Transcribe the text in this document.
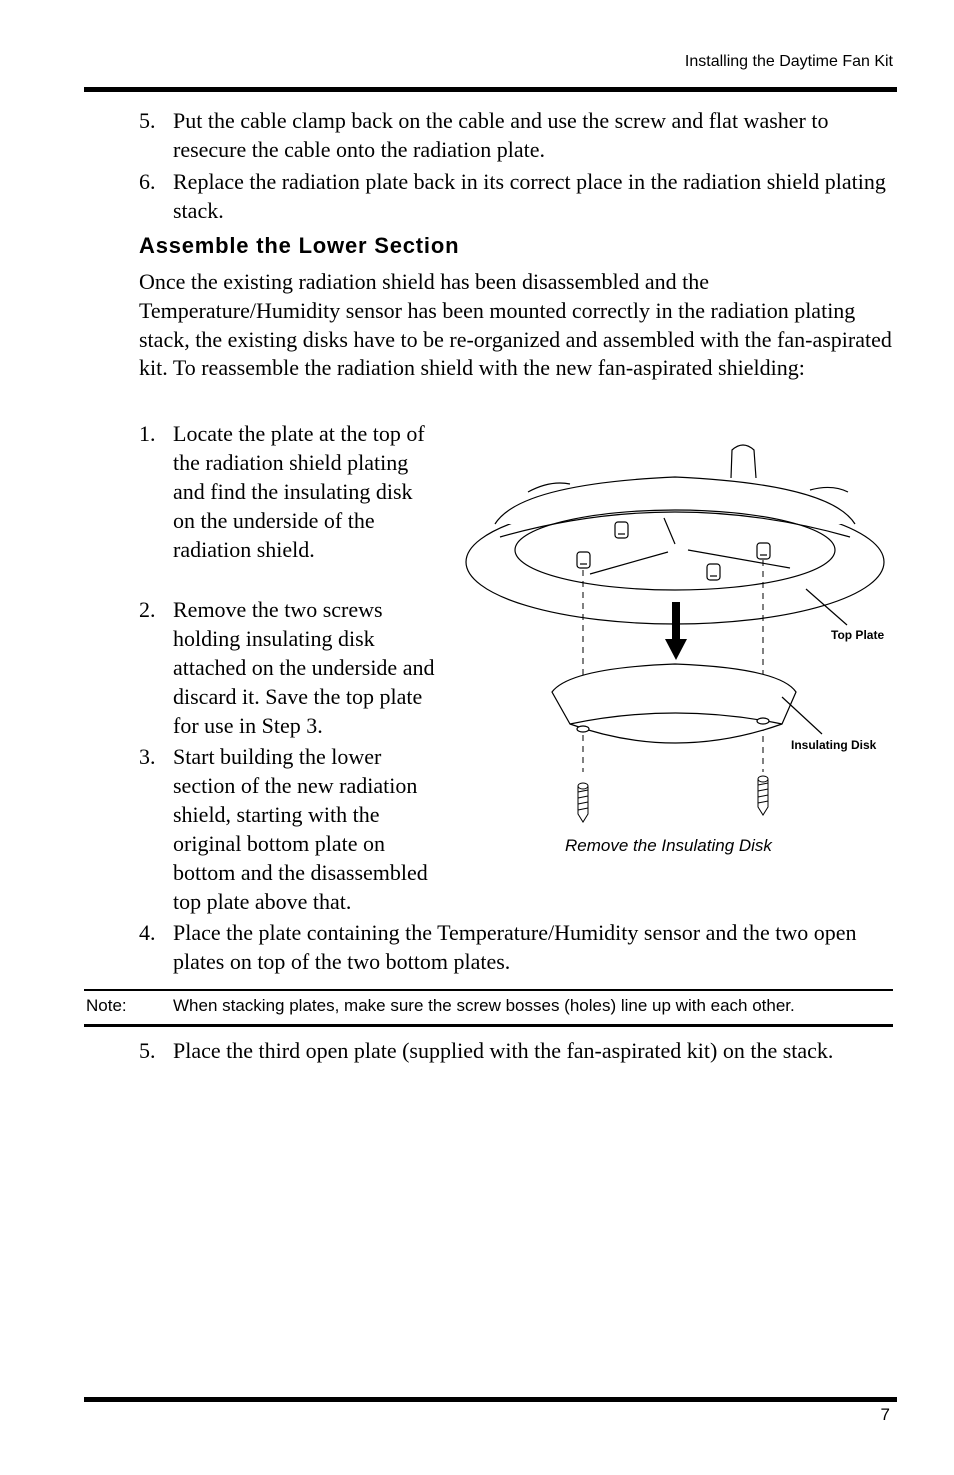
Installing the Daytime Fan Kit
5. Put the cable clamp back on the cable and use the screw and flat washer to resecure the cable onto the radiation plate.
6. Replace the radiation plate back in its correct place in the radiation shield plating stack.
Assemble the Lower Section
Once the existing radiation shield has been disassembled and the Temperature/Humidity sensor has been mounted correctly in the radiation plating stack, the existing disks have to be re-organized and assembled with the fan-aspirated kit. To reassemble the radiation shield with the new fan-aspirated shielding:
1. Locate the plate at the top of the radiation shield plating and find the insulating disk on the underside of the radiation shield.
2. Remove the two screws holding insulating disk attached on the underside and discard it. Save the top plate for use in Step 3.
3. Start building the lower section of the new radiation shield, starting with the original bottom plate on bottom and the disassembled top plate above that.
4. Place the plate containing the Temperature/Humidity sensor and the two open plates on top of the two bottom plates.
Top Plate
Insulating Disk
Remove the Insulating Disk
Note:	When stacking plates, make sure the screw bosses (holes) line up with each other.
5. Place the third open plate (supplied with the fan-aspirated kit) on the stack.
7
